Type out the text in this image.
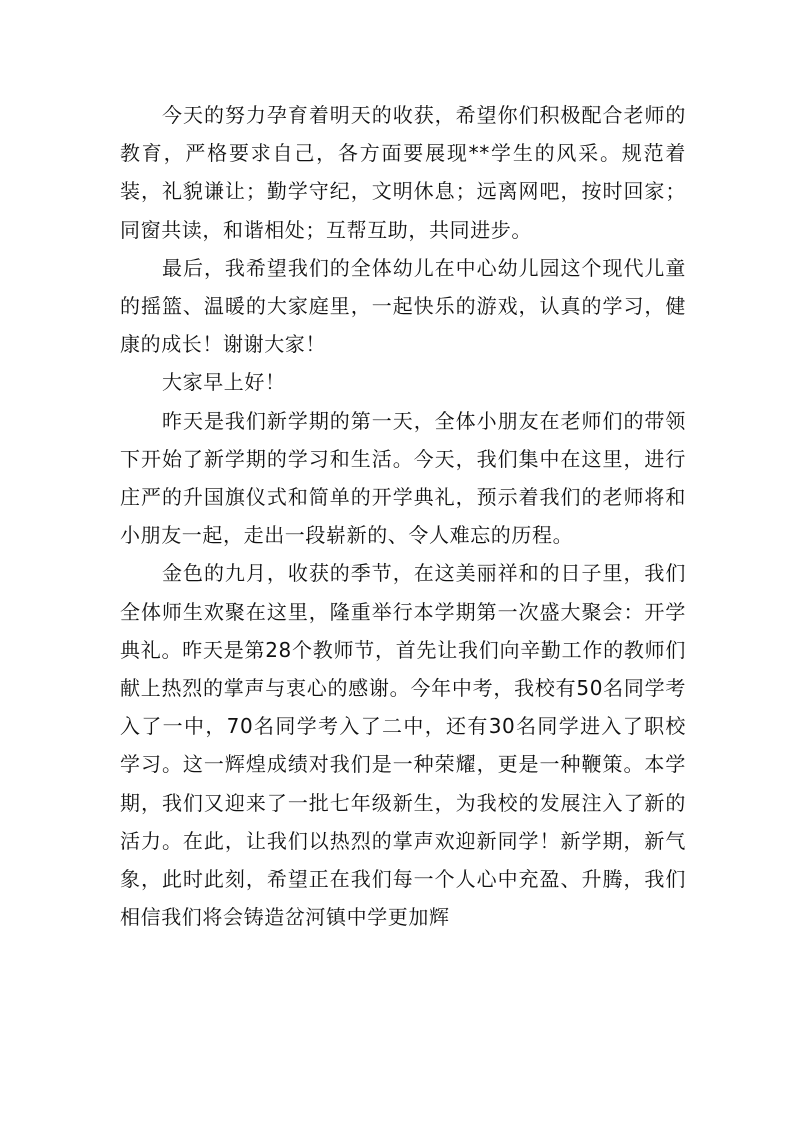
今天的努力孕育着明天的收获，希望你们积极配合老师的教育，严格要求自己，各方面要展现**学生的风采。规范着装，礼貌谦让；勤学守纪，文明休息；远离网吧，按时回家；同窗共读，和谐相处；互帮互助，共同进步。

最后，我希望我们的全体幼儿在中心幼儿园这个现代儿童的摇篮、温暖的大家庭里，一起快乐的游戏，认真的学习，健康的成长！谢谢大家！

大家早上好！

昨天是我们新学期的第一天，全体小朋友在老师们的带领下开始了新学期的学习和生活。今天，我们集中在这里，进行庄严的升国旗仪式和简单的开学典礼，预示着我们的老师将和小朋友一起，走出一段崭新的、令人难忘的历程。

金色的九月，收获的季节，在这美丽祥和的日子里，我们全体师生欢聚在这里，隆重举行本学期第一次盛大聚会：开学典礼。昨天是第28个教师节，首先让我们向辛勤工作的教师们献上热烈的掌声与衷心的感谢。今年中考，我校有50名同学考入了一中，70名同学考入了二中，还有30名同学进入了职校学习。这一辉煌成绩对我们是一种荣耀，更是一种鞭策。本学期，我们又迎来了一批七年级新生，为我校的发展注入了新的活力。在此，让我们以热烈的掌声欢迎新同学！新学期，新气象，此时此刻，希望正在我们每一个人心中充盈、升腾，我们相信我们将会铸造岔河镇中学更加辉
